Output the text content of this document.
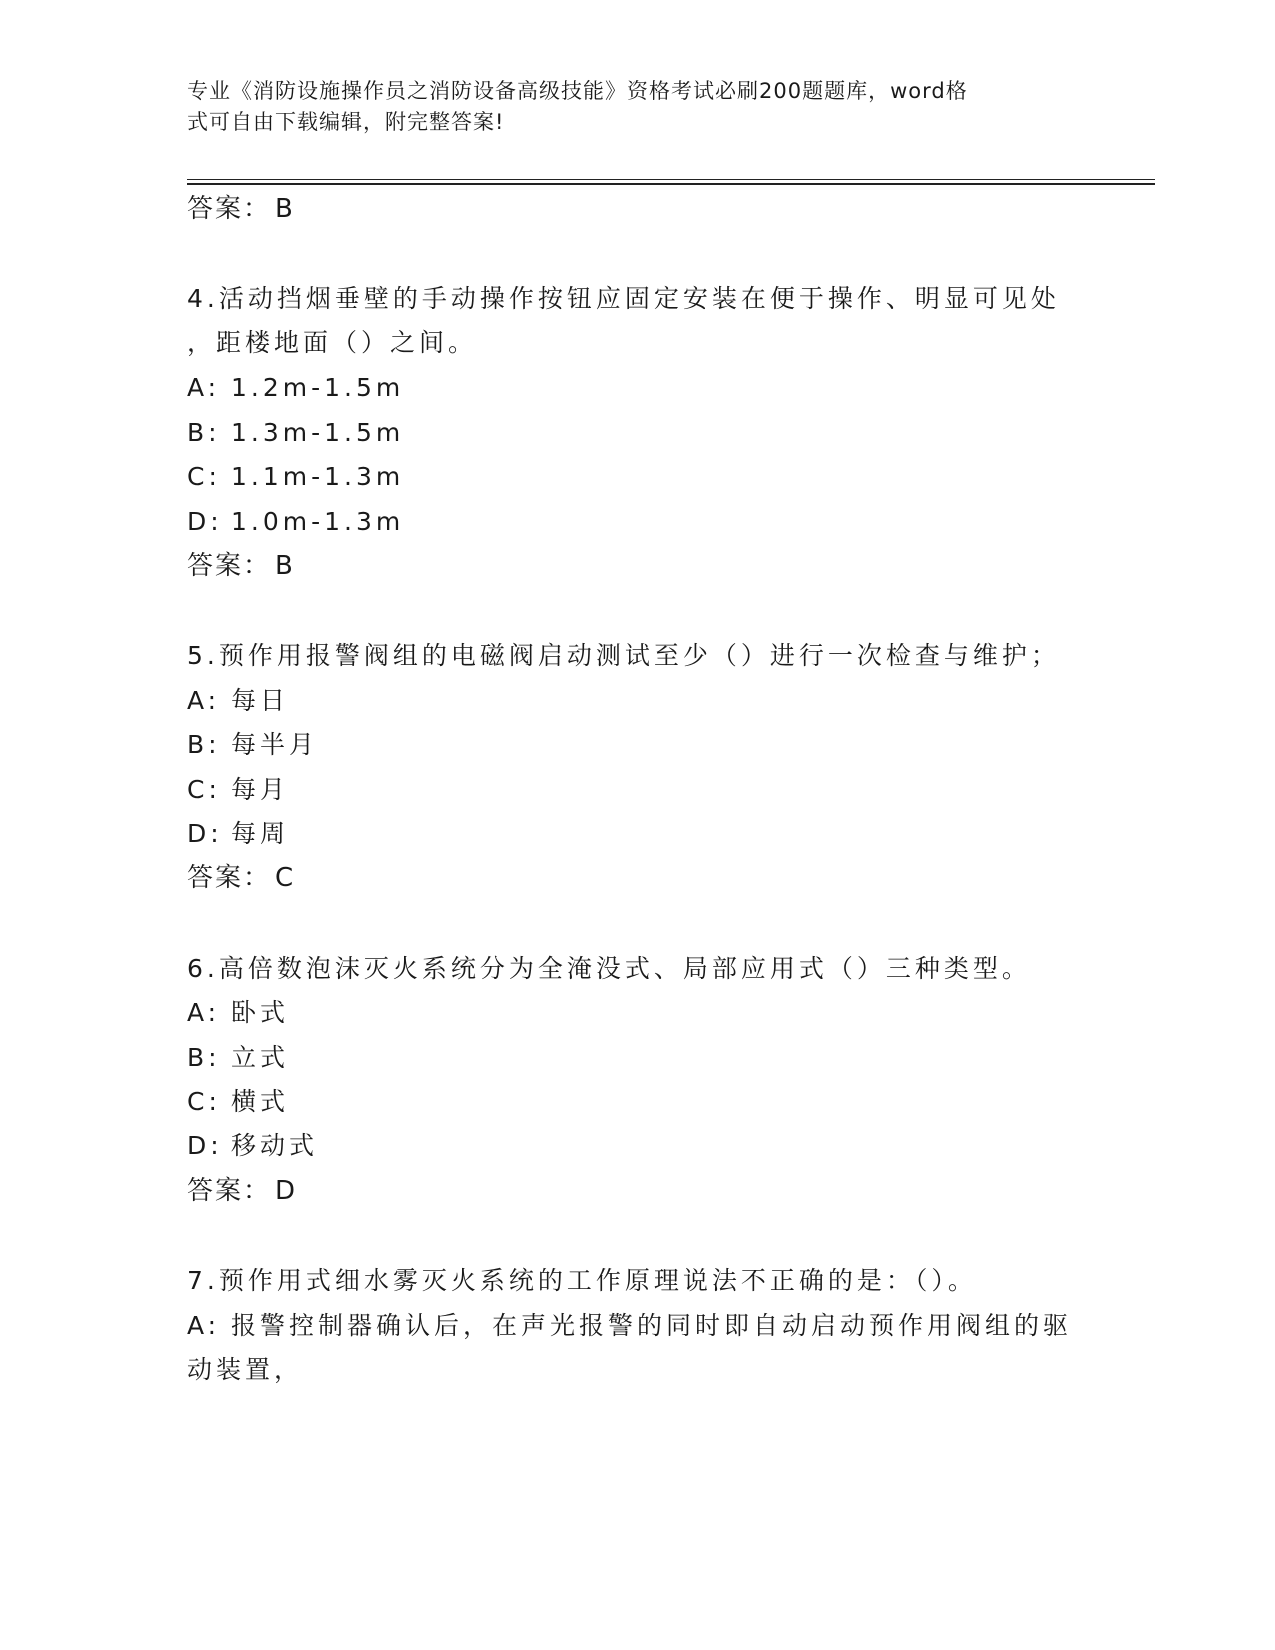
专业《消防设施操作员之消防设备高级技能》资格考试必刷200题题库，word格
式可自由下载编辑，附完整答案!
答案： B
4.活动挡烟垂壁的手动操作按钮应固定安装在便于操作、明显可见处
，距楼地面（）之间。
A: 1.2m-1.5m
B: 1.3m-1.5m
C: 1.1m-1.3m
D: 1.0m-1.3m
答案： B
5.预作用报警阀组的电磁阀启动测试至少（）进行一次检查与维护；
A: 每日
B: 每半月
C: 每月
D: 每周
答案： C
6.高倍数泡沫灭火系统分为全淹没式、局部应用式（）三种类型。
A: 卧式
B: 立式
C: 横式
D: 移动式
答案： D
7.预作用式细水雾灭火系统的工作原理说法不正确的是：（）。
A: 报警控制器确认后，在声光报警的同时即自动启动预作用阀组的驱
动装置，
